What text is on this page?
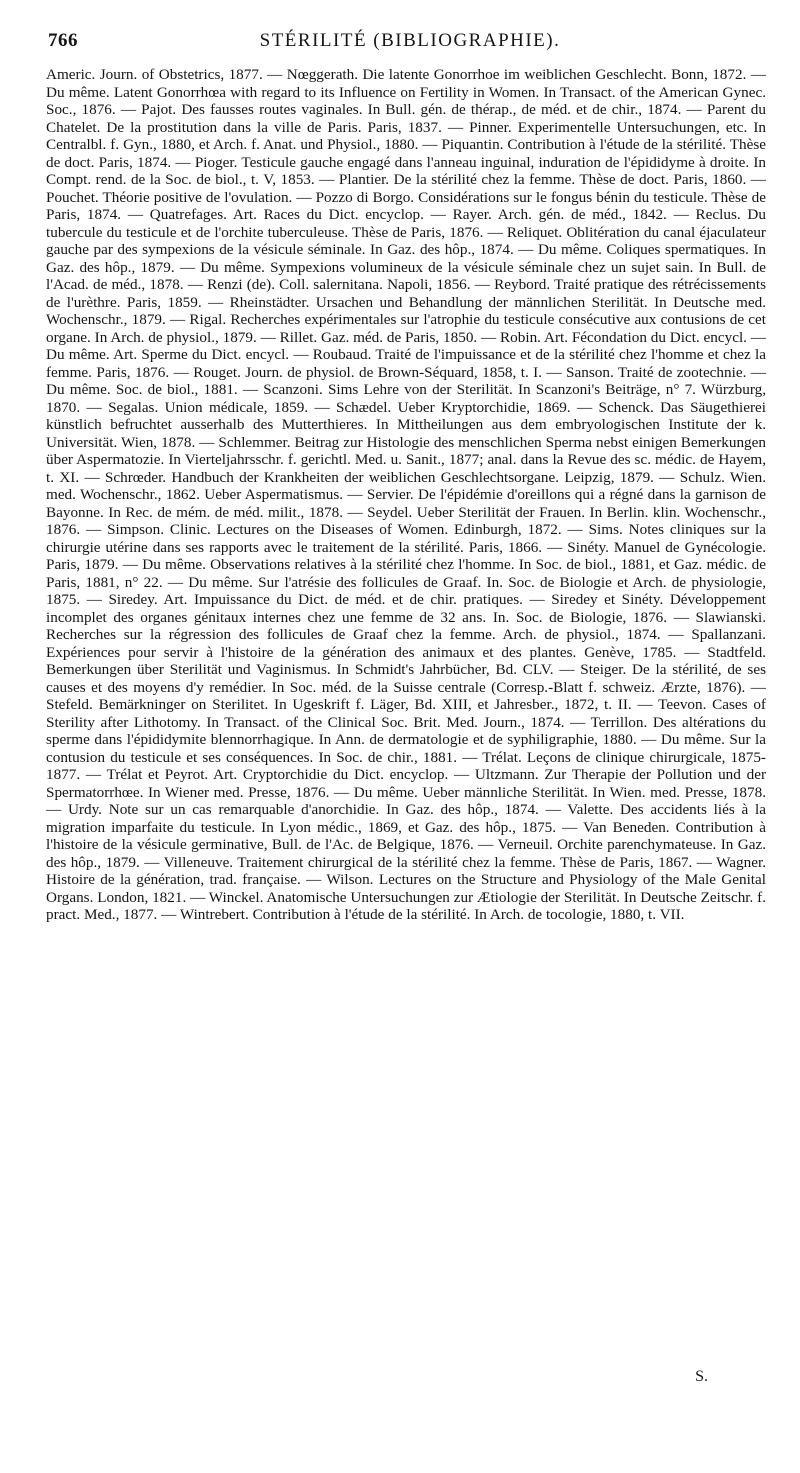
766	STÉRILITÉ (BIBLIOGRAPHIE).
Americ. Journ. of Obstetrics, 1877. — Nœggerath. Die latente Gonorrhoe im weiblichen Geschlecht. Bonn, 1872. — Du même. Latent Gonorrhœa with regard to its Influence on Fertility in Women. In Transact. of the American Gynec. Soc., 1876. — Pajot. Des fausses routes vaginales. In Bull. gén. de thérap., de méd. et de chir., 1874. — Parent du Chatelet. De la prostitution dans la ville de Paris. Paris, 1837. — Pinner. Experimentelle Untersuchungen, etc. In Centralbl. f. Gyn., 1880, et Arch. f. Anat. und Physiol., 1880. — Piquantin. Contribution à l'étude de la stérilité. Thèse de doct. Paris, 1874. — Pioger. Testicule gauche engagé dans l'anneau inguinal, induration de l'épididyme à droite. In Compt. rend. de la Soc. de biol., t. V, 1853. — Plantier. De la stérilité chez la femme. Thèse de doct. Paris, 1860. — Pouchet. Théorie positive de l'ovulation. — Pozzo di Borgo. Considérations sur le fongus bénin du testicule. Thèse de Paris, 1874. — Quatrefages. Art. Races du Dict. encyclop. — Rayer. Arch. gén. de méd., 1842. — Reclus. Du tubercule du testicule et de l'orchite tuberculeuse. Thèse de Paris, 1876. — Reliquet. Oblitération du canal éjaculateur gauche par des sympexions de la vésicule séminale. In Gaz. des hôp., 1874. — Du même. Coliques spermatiques. In Gaz. des hôp., 1879. — Du même. Sympexions volumineux de la vésicule séminale chez un sujet sain. In Bull. de l'Acad. de méd., 1878. — Renzi (de). Coll. salernitana. Napoli, 1856. — Reybord. Traité pratique des rétrécissements de l'urèthre. Paris, 1859. — Rheinstädter. Ursachen und Behandlung der männlichen Sterilität. In Deutsche med. Wochenschr., 1879. — Rigal. Recherches expérimentales sur l'atrophie du testicule consécutive aux contusions de cet organe. In Arch. de physiol., 1879. — Rillet. Gaz. méd. de Paris, 1850. — Robin. Art. Fécondation du Dict. encycl. — Du même. Art. Sperme du Dict. encycl. — Roubaud. Traité de l'impuissance et de la stérilité chez l'homme et chez la femme. Paris, 1876. — Rouget. Journ. de physiol. de Brown-Séquard, 1858, t. I. — Sanson. Traité de zootechnie. — Du même. Soc. de biol., 1881. — Scanzoni. Sims Lehre von der Sterilität. In Scanzoni's Beiträge, n° 7. Würzburg, 1870. — Segalas. Union médicale, 1859. — Schædel. Ueber Kryptorchidie, 1869. — Schenck. Das Säugethierei künstlich befruchtet ausserhalb des Mutterthieres. In Mittheilungen aus dem embryologischen Institute der k. Universität. Wien, 1878. — Schlemmer. Beitrag zur Histologie des menschlichen Sperma nebst einigen Bemerkungen über Aspermatozie. In Vierteljahrsschr. f. gerichtl. Med. u. Sanit., 1877; anal. dans la Revue des sc. médic. de Hayem, t. XI. — Schrœder. Handbuch der Krankheiten der weiblichen Geschlechtsorgane. Leipzig, 1879. — Schulz. Wien. med. Wochenschr., 1862. Ueber Aspermatismus. — Servier. De l'épidémie d'oreillons qui a régné dans la garnison de Bayonne. In Rec. de mém. de méd. milit., 1878. — Seydel. Ueber Sterilität der Frauen. In Berlin. klin. Wochenschr., 1876. — Simpson. Clinic. Lectures on the Diseases of Women. Edinburgh, 1872. — Sims. Notes cliniques sur la chirurgie utérine dans ses rapports avec le traitement de la stérilité. Paris, 1866. — Sinéty. Manuel de Gynécologie. Paris, 1879. — Du même. Observations relatives à la stérilité chez l'homme. In Soc. de biol., 1881, et Gaz. médic. de Paris, 1881, n° 22. — Du même. Sur l'atrésie des follicules de Graaf. In. Soc. de Biologie et Arch. de physiologie, 1875. — Siredey. Art. Impuissance du Dict. de méd. et de chir. pratiques. — Siredey et Sinéty. Développement incomplet des organes génitaux internes chez une femme de 32 ans. In. Soc. de Biologie, 1876. — Slawianski. Recherches sur la régression des follicules de Graaf chez la femme. Arch. de physiol., 1874. — Spallanzani. Expériences pour servir à l'histoire de la génération des animaux et des plantes. Genève, 1785. — Stadtfeld. Bemerkungen über Sterilität und Vaginismus. In Schmidt's Jahrbücher, Bd. CLV. — Steiger. De la stérilité, de ses causes et des moyens d'y remédier. In Soc. méd. de la Suisse centrale (Corresp.-Blatt f. schweiz. Ærzte, 1876). — Stefeld. Bemärkninger on Sterilitet. In Ugeskrift f. Läger, Bd. XIII, et Jahresber., 1872, t. II. — Teevon. Cases of Sterility after Lithotomy. In Transact. of the Clinical Soc. Brit. Med. Journ., 1874. — Terrillon. Des altérations du sperme dans l'épididymite blennorrhagique. In Ann. de dermatologie et de syphiligraphie, 1880. — Du même. Sur la contusion du testicule et ses conséquences. In Soc. de chir., 1881. — Trélat. Leçons de clinique chirurgicale, 1875-1877. — Trélat et Peyrot. Art. Cryptorchidie du Dict. encyclop. — Ultzmann. Zur Therapie der Pollution und der Spermatorrhœe. In Wiener med. Presse, 1876. — Du même. Ueber männliche Sterilität. In Wien. med. Presse, 1878. — Urdy. Note sur un cas remarquable d'anorchidie. In Gaz. des hôp., 1874. — Valette. Des accidents liés à la migration imparfaite du testicule. In Lyon médic., 1869, et Gaz. des hôp., 1875. — Van Beneden. Contribution à l'histoire de la vésicule germinative, Bull. de l'Ac. de Belgique, 1876. — Verneuil. Orchite parenchymateuse. In Gaz. des hôp., 1879. — Villeneuve. Traitement chirurgical de la stérilité chez la femme. Thèse de Paris, 1867. — Wagner. Histoire de la génération, trad. française. — Wilson. Lectures on the Structure and Physiology of the Male Genital Organs. London, 1821. — Winckel. Anatomische Untersuchungen zur Ætiologie der Sterilität. In Deutsche Zeitschr. f. pract. Med., 1877. — Wintrebert. Contribution à l'étude de la stérilité. In Arch. de tocologie, 1880, t. VII.
S.
